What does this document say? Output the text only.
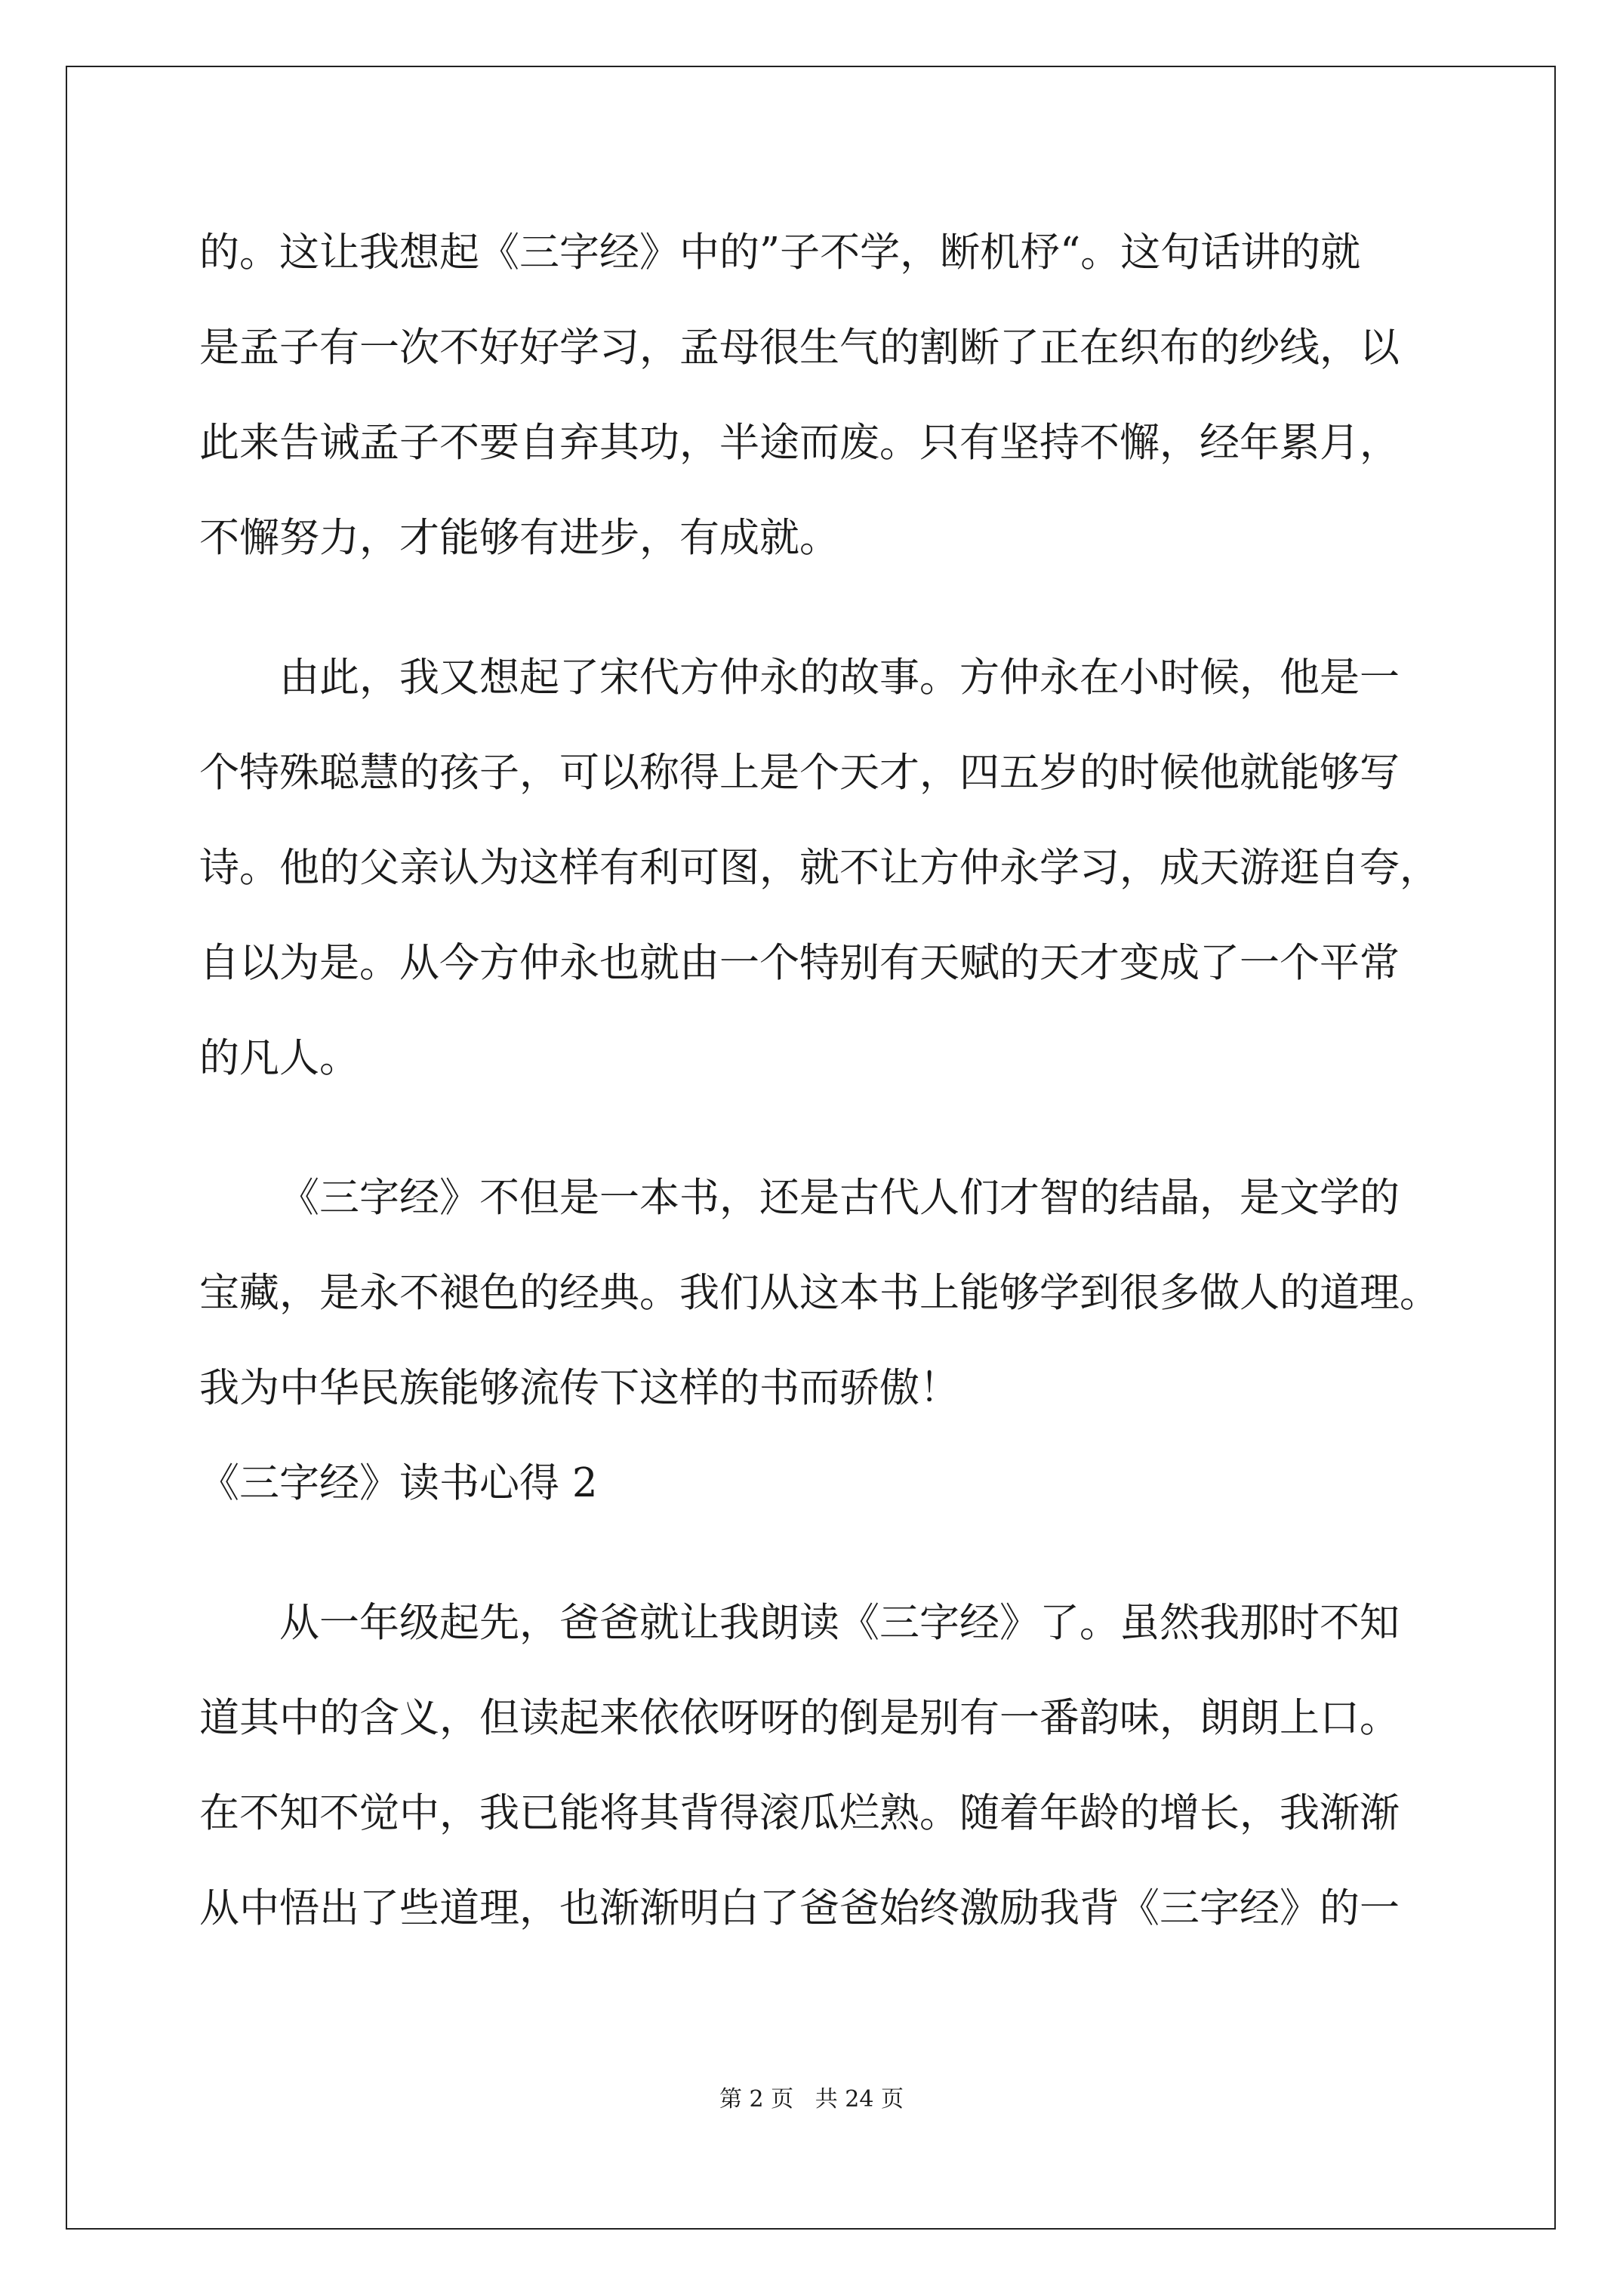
的。这让我想起《三字经》中的”子不学，断机杼“。这句话讲的就
是孟子有一次不好好学习，孟母很生气的割断了正在织布的纱线，以
此来告诫孟子不要自弃其功，半途而废。只有坚持不懈，经年累月，
不懈努力，才能够有进步，有成就。
由此，我又想起了宋代方仲永的故事。方仲永在小时候，他是一
个特殊聪慧的孩子，可以称得上是个天才，四五岁的时候他就能够写
诗。他的父亲认为这样有利可图，就不让方仲永学习，成天游逛自夸，
自以为是。从今方仲永也就由一个特别有天赋的天才变成了一个平常
的凡人。
《三字经》不但是一本书，还是古代人们才智的结晶，是文学的
宝藏，是永不褪色的经典。我们从这本书上能够学到很多做人的道理。
我为中华民族能够流传下这样的书而骄傲！
《三字经》读书心得 2
从一年级起先，爸爸就让我朗读《三字经》了。虽然我那时不知
道其中的含义，但读起来依依呀呀的倒是别有一番韵味，朗朗上口。
在不知不觉中，我已能将其背得滚瓜烂熟。随着年龄的增长，我渐渐
从中悟出了些道理，也渐渐明白了爸爸始终激励我背《三字经》的一
第 2 页   共 24 页
